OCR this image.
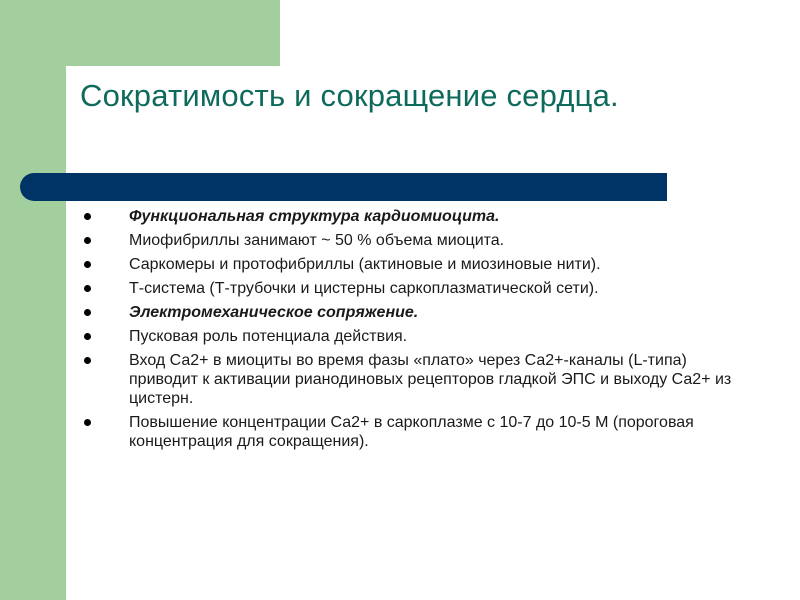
Сократимость и сокращение сердца.
Функциональная структура кардиомиоцита.
Миофибриллы занимают ~ 50 % объема миоцита.
Саркомеры и протофибриллы (актиновые и миозиновые нити).
Т-система (Т-трубочки и цистерны саркоплазматической сети).
Электромеханическое сопряжение.
Пусковая роль потенциала действия.
Вход Са2+ в миоциты во время фазы «плато» через Са2+-каналы (L-типа) приводит к активации рианодиновых рецепторов гладкой ЭПС и выходу Са2+ из цистерн.
Повышение концентрации Са2+ в саркоплазме с 10-7 до 10-5 М (пороговая концентрация для сокращения).
